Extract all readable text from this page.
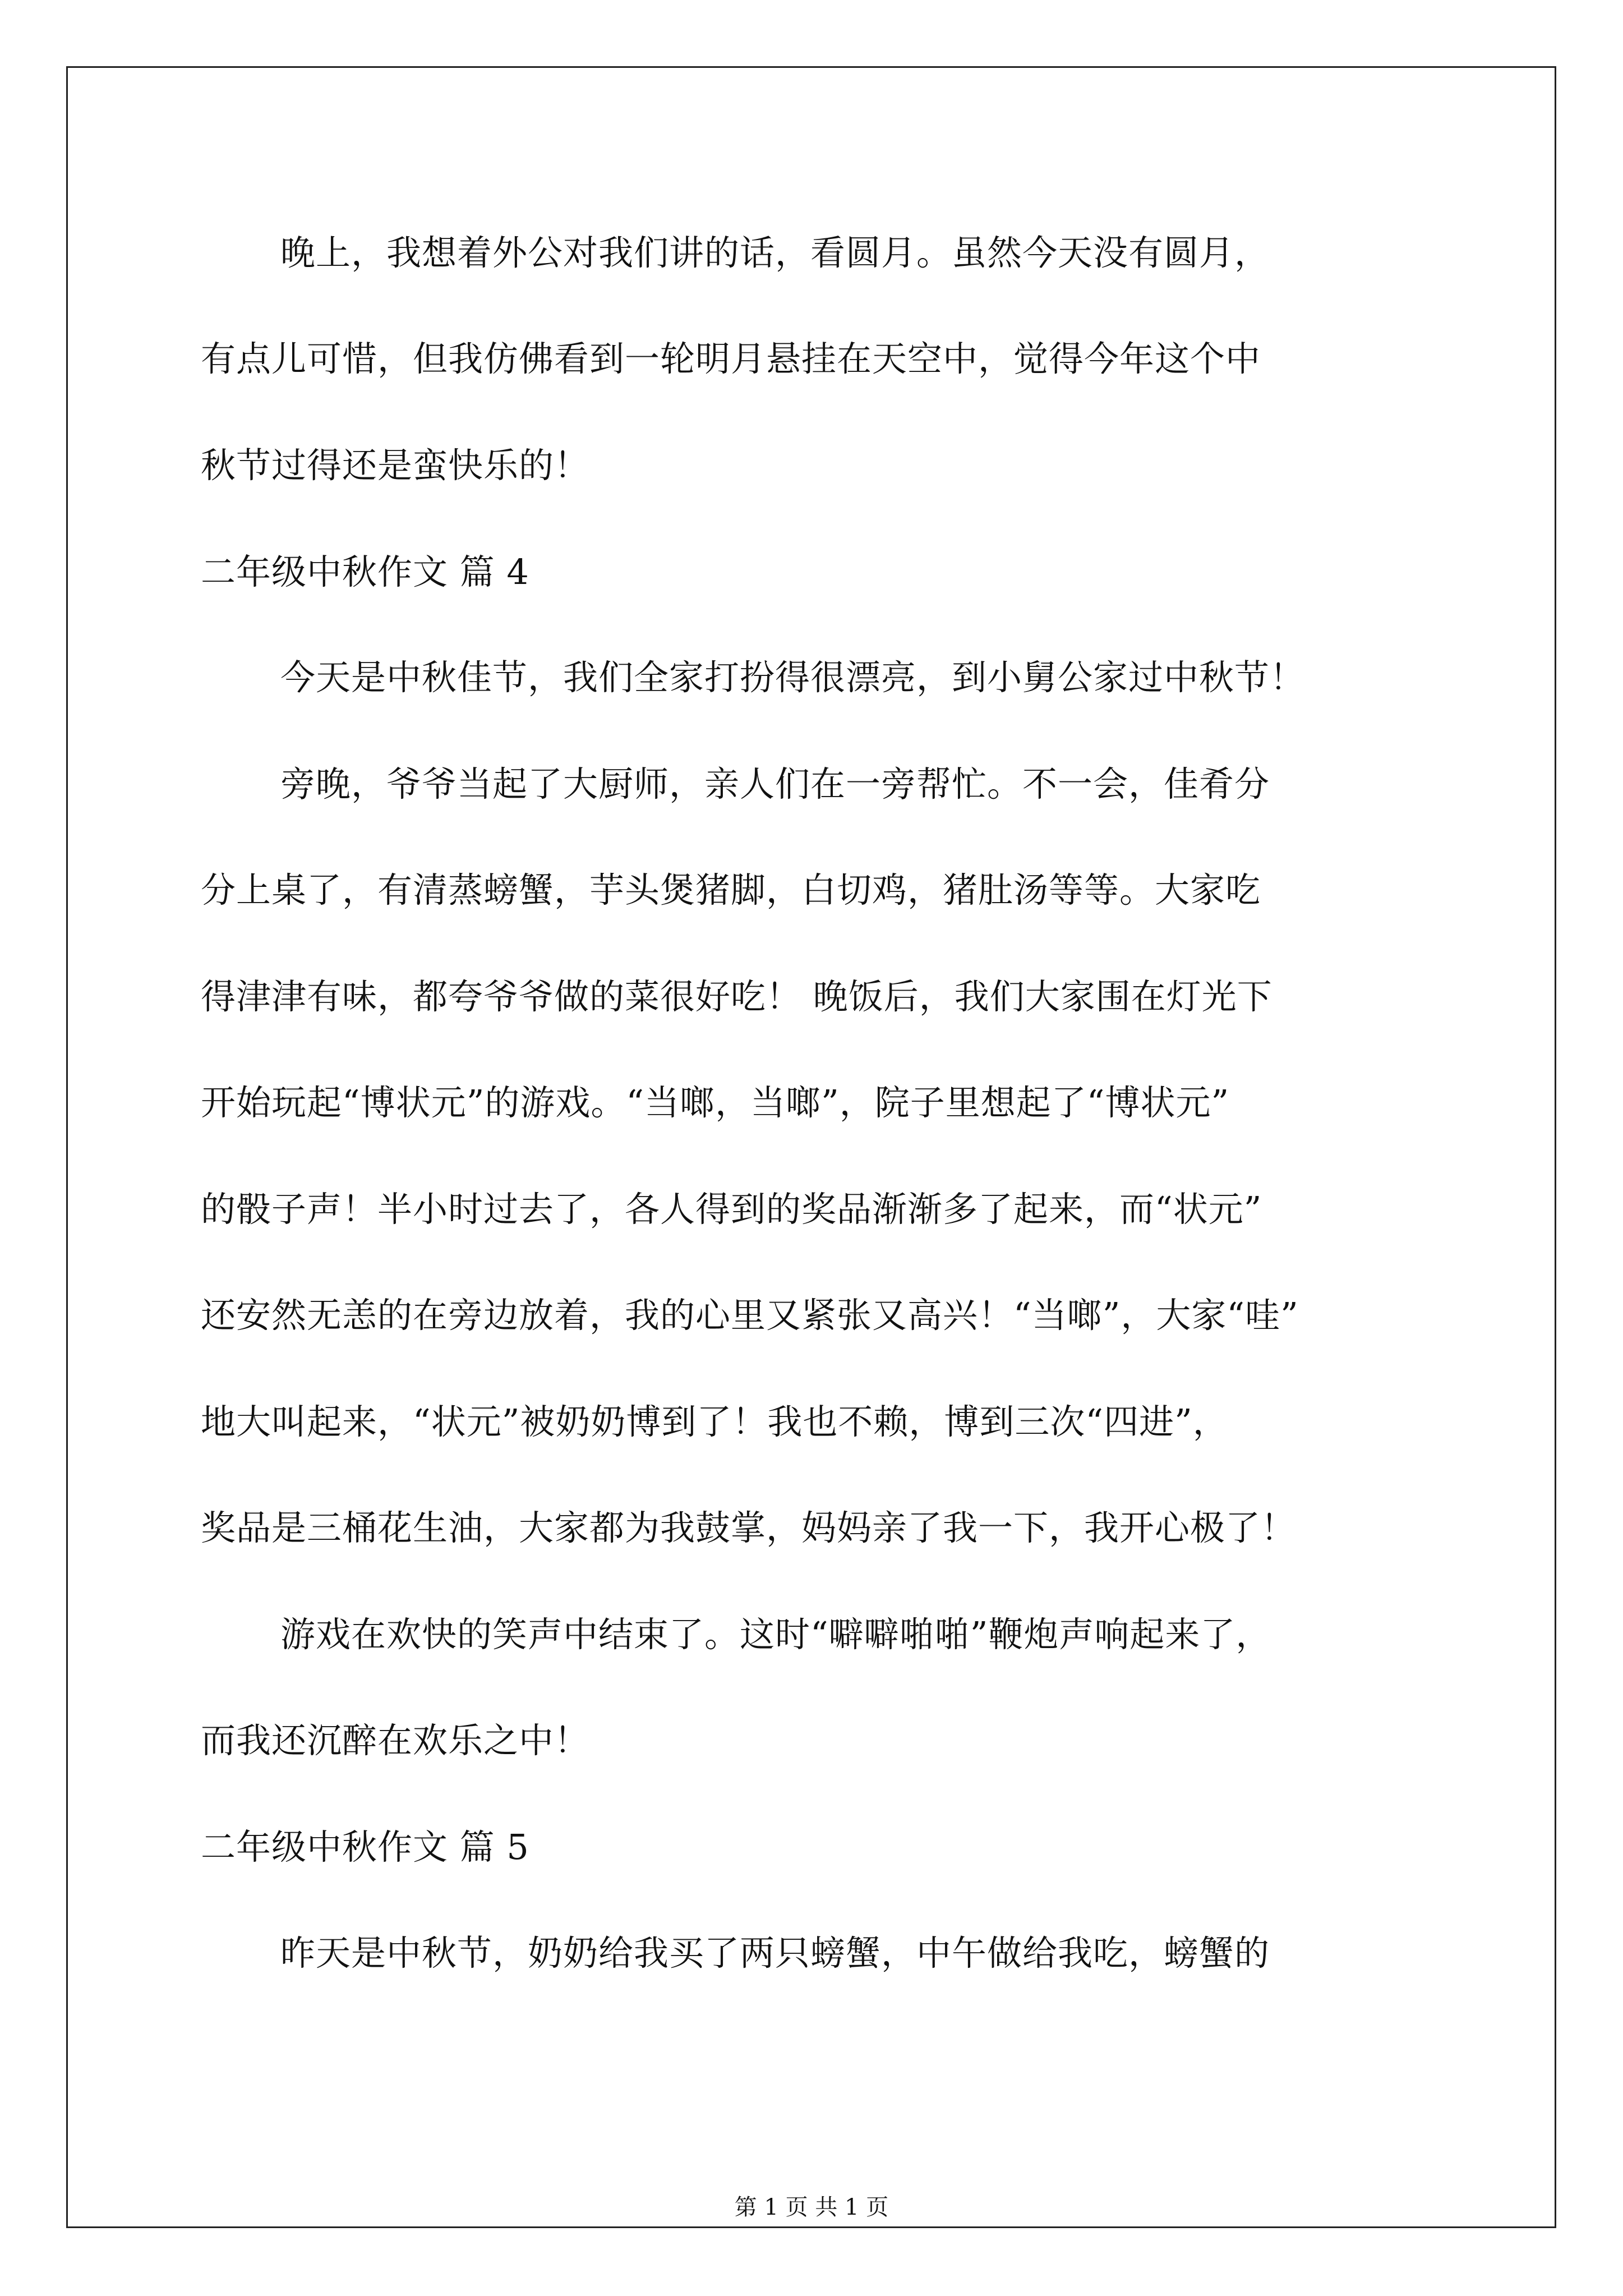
晚上，我想着外公对我们讲的话，看圆月。虽然今天没有圆月，
有点儿可惜，但我仿佛看到一轮明月悬挂在天空中，觉得今年这个中
秋节过得还是蛮快乐的！
二年级中秋作文 篇 4
今天是中秋佳节，我们全家打扮得很漂亮，到小舅公家过中秋节！
旁晚，爷爷当起了大厨师，亲人们在一旁帮忙。不一会，佳肴分
分上桌了，有清蒸螃蟹，芋头煲猪脚，白切鸡，猪肚汤等等。大家吃
得津津有味，都夸爷爷做的菜很好吃！ 晚饭后，我们大家围在灯光下
开始玩起“博状元”的游戏。“当啷，当啷”，院子里想起了“博状元”
的骰子声！半小时过去了，各人得到的奖品渐渐多了起来，而“状元”
还安然无恙的在旁边放着，我的心里又紧张又高兴！“当啷”，大家“哇”
地大叫起来，“状元”被奶奶博到了！我也不赖，博到三次“四进”，
奖品是三桶花生油，大家都为我鼓掌，妈妈亲了我一下，我开心极了！
游戏在欢快的笑声中结束了。这时“噼噼啪啪”鞭炮声响起来了，
而我还沉醉在欢乐之中！
二年级中秋作文 篇 5
昨天是中秋节，奶奶给我买了两只螃蟹，中午做给我吃，螃蟹的
第 1 页 共 1 页
